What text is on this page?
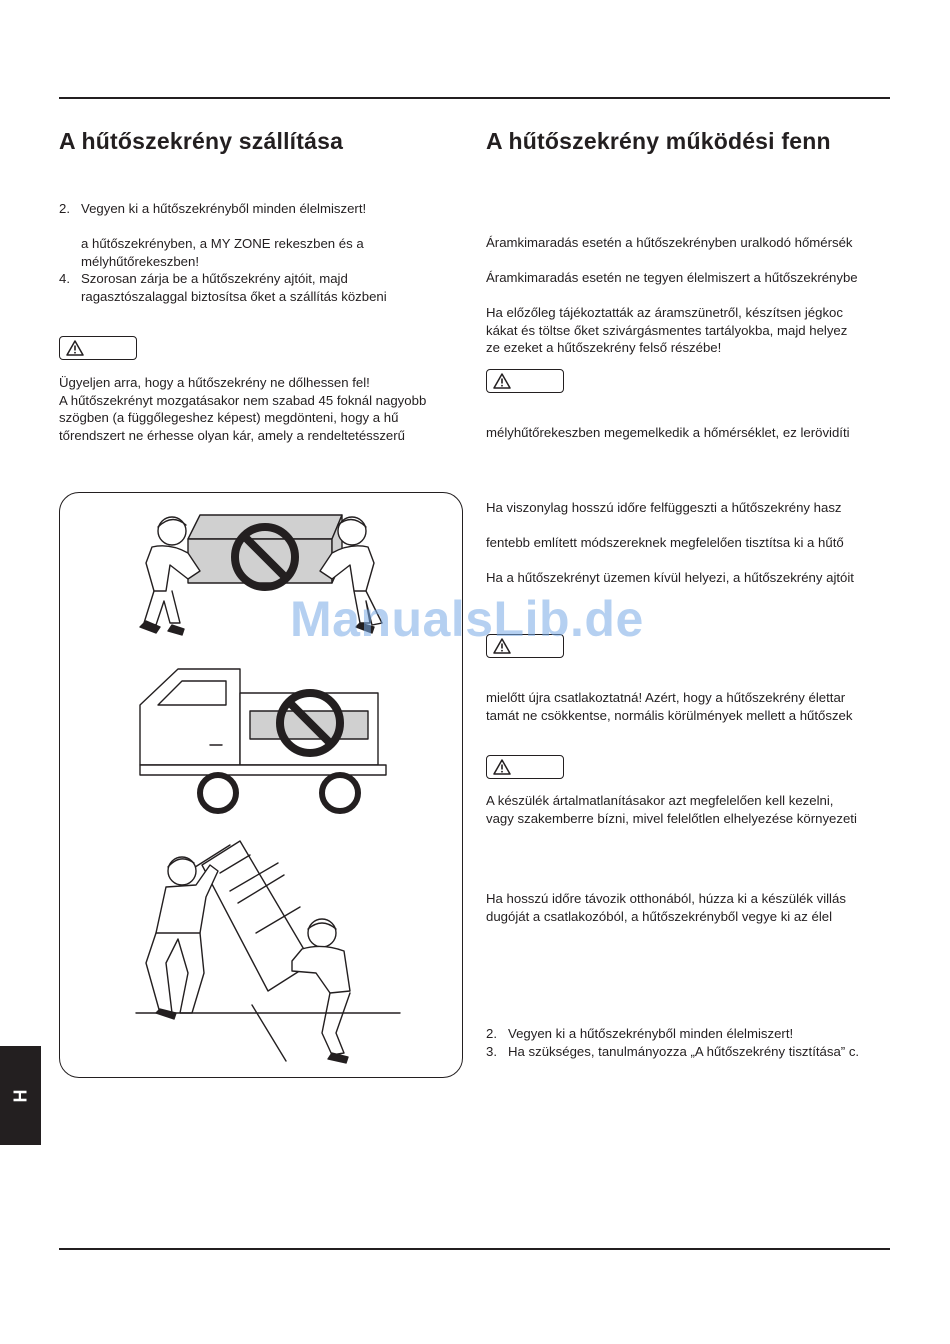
A hűtőszekrény szállítása	A hűtőszekrény működési fenn
2. Vegyen ki a hűtőszekrényből minden élelmiszert!
a hűtőszekrényben, a MY ZONE rekeszben és a
mélyhűtőrekeszben!
4. Szorosan zárja be a hűtőszekrény ajtóit, majd
ragasztószalaggal biztosítsa őket a szállítás közbeni
Ügyeljen arra, hogy a hűtőszekrény ne dőlhessen fel!
A hűtőszekrényt mozgatásakor nem szabad 45 foknál nagyobb
szögben (a függőlegeshez képest) megdönteni, hogy a hű
tőrendszert ne érhesse olyan kár, amely a rendeltetésszerű
Áramkimaradás esetén a hűtőszekrényben uralkodó hőmérsék
Áramkimaradás esetén ne tegyen élelmiszert a hűtőszekrénybe
Ha előzőleg tájékoztatták az áramszünetről, készítsen jégkoc
kákat és töltse őket szivárgásmentes tartályokba, majd helyez
ze ezeket a hűtőszekrény felső részébe!
mélyhűtőrekeszben megemelkedik a hőmérséklet, ez lerövidíti
Ha viszonylag hosszú időre felfüggeszti a hűtőszekrény hasz
fentebb említett módszereknek megfelelően tisztítsa ki a hűtő
Ha a hűtőszekrényt üzemen kívül helyezi, a hűtőszekrény ajtóit
mielőtt újra csatlakoztatná! Azért, hogy a hűtőszekrény élettar
tamát ne csökkentse, normális körülmények mellett a hűtőszek
A készülék ártalmatlanításakor azt megfelelően kell kezelni,
vagy szakemberre bízni, mivel felelőtlen elhelyezése környezeti
Ha hosszú időre távozik otthonából, húzza ki a készülék villás
dugóját a csatlakozóból, a hűtőszekrényből vegye ki az élel
2. Vegyen ki a hűtőszekrényből minden élelmiszert!
3. Ha szükséges, tanulmányozza „A hűtőszekrény tisztítása” c.
ManualsLib.de
H
